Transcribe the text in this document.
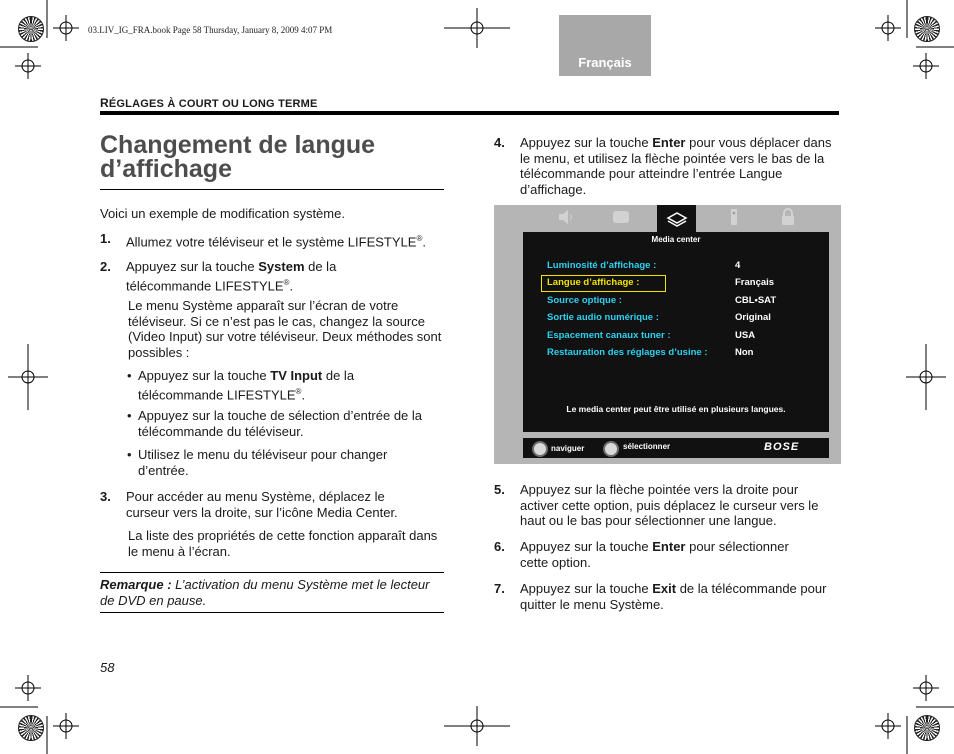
03.LIV_IG_FRA.book Page 58 Thursday, January 8, 2009 4:07 PM
Français
RÉGLAGES À COURT OU LONG TERME
Changement de langue
d’affichage
Voici un exemple de modification système.
1. Allumez votre téléviseur et le système LIFESTYLE®.
2. Appuyez sur la touche System de la
télécommande LIFESTYLE®.
Le menu Système apparaît sur l’écran de votre téléviseur. Si ce n’est pas le cas, changez la source (Video Input) sur votre téléviseur. Deux méthodes sont possibles :
• Appuyez sur la touche TV Input de la
télécommande LIFESTYLE®.
• Appuyez sur la touche de sélection d’entrée de la télécommande du téléviseur.
• Utilisez le menu du téléviseur pour changer d’entrée.
3. Pour accéder au menu Système, déplacez le curseur vers la droite, sur l’icône Media Center.
La liste des propriétés de cette fonction apparaît dans le menu à l’écran.
Remarque : L’activation du menu Système met le lecteur de DVD en pause.
58
4. Appuyez sur la touche Enter pour vous déplacer dans le menu, et utilisez la flèche pointée vers le bas de la télécommande pour atteindre l’entrée Langue d’affichage.
Media center
Luminosité d’affichage :	4
Langue d’affichage :	Français
Source optique :	CBL•SAT
Sortie audio numérique :	Original
Espacement canaux tuner :	USA
Restauration des réglages d’usine :	Non
Le media center peut être utilisé en plusieurs langues.
naviguer	sélectionner	BOSE
5. Appuyez sur la flèche pointée vers la droite pour activer cette option, puis déplacez le curseur vers le haut ou le bas pour sélectionner une langue.
6. Appuyez sur la touche Enter pour sélectionner cette option.
7. Appuyez sur la touche Exit de la télécommande pour quitter le menu Système.
